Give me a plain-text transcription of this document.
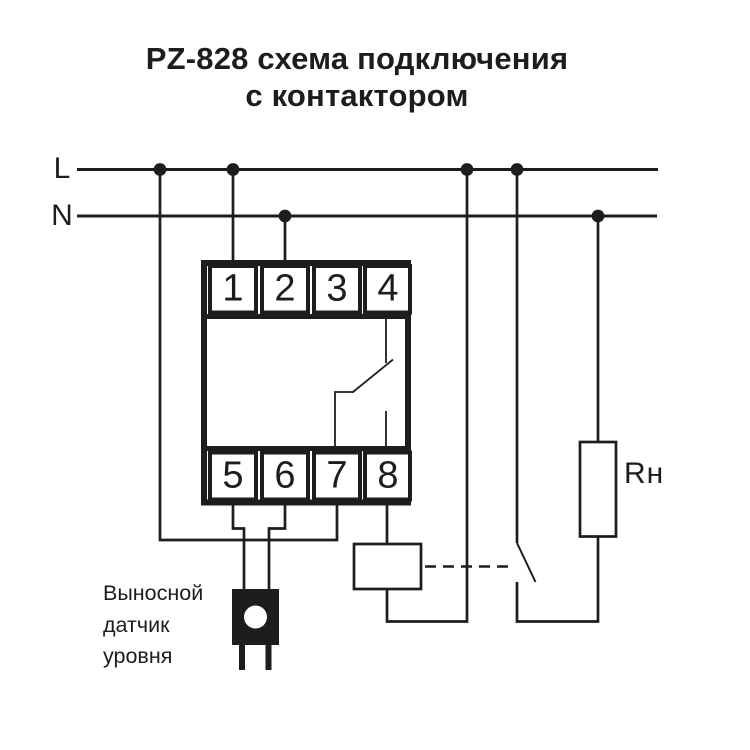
PZ-828 схема подключения
с контактором
L
N
1 2 3 4
5 6 7 8	Rн
Выносной
датчик
уровня
